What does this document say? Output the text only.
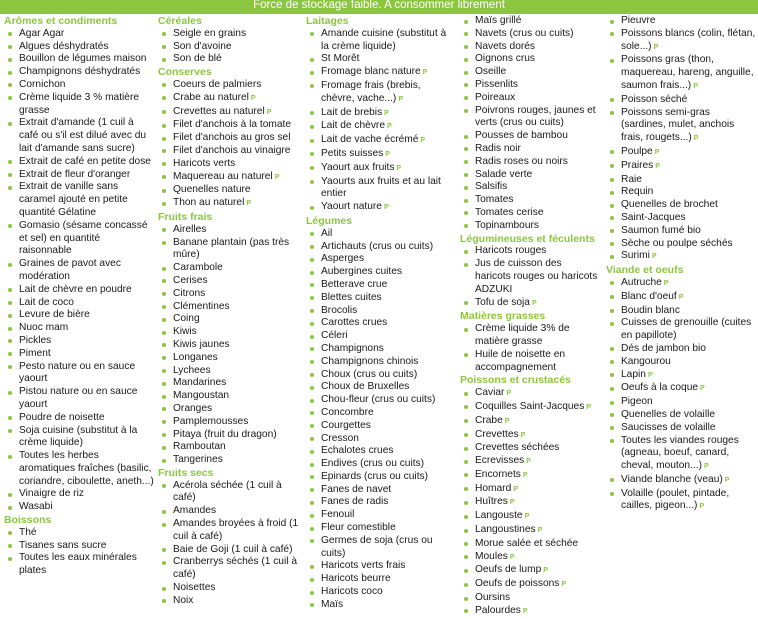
Force de stockage faible. A consommer librement
Arômes et condiments
Agar Agar
Algues déshydratés
Bouillon de légumes maison
Champignons déshydratés
Cornichon
Crème liquide 3 % matière grasse
Extrait d'amande (1 cuil à café ou s'il est dilué avec du lait d'amande sans sucre)
Extrait de café en petite dose
Extrait de fleur d'oranger
Extrait de vanille sans caramel ajouté en petite quantité Gélatine
Gomasio (sésame concassé et sel) en quantité raisonnable
Graines de pavot avec modération
Lait de chèvre en poudre
Lait de coco
Levure de bière
Nuoc mam
Pickles
Piment
Pesto nature ou en sauce yaourt
Pistou nature ou en sauce yaourt
Poudre de noisette
Soja cuisine (substitut à la crème liquide)
Toutes les herbes aromatiques fraîches (basilic, coriandre, ciboulette, aneth...)
Vinaigre de riz
Wasabi
Boissons
Thé
Tisanes sans sucre
Toutes les eaux minérales plates
Céréales
Seigle en grains
Son d'avoine
Son de blé
Conserves
Coeurs de palmiers
Crabe au naturel P
Crevettes au naturel P
Filet d'anchois à la tomate
Filet d'anchois au gros sel
Filet d'anchois au vinaigre
Haricots verts
Maquereau au naturel P
Quenelles nature
Thon au naturel P
Fruits frais
Airelles
Banane plantain (pas très mûre)
Carambole
Cerises
Citrons
Clémentines
Coing
Kiwis
Kiwis jaunes
Longanes
Lychees
Mandarines
Mangoustan
Oranges
Pamplemousses
Pitaya (fruit du dragon)
Ramboutan
Tangerines
Fruits secs
Acérola séchée (1 cuil à café)
Amandes
Amandes broyées à froid (1 cuil à café)
Baie de Goji (1 cuil à café)
Cranberrys séchés (1 cuil à café)
Noisettes
Noix
Laitages
Amande cuisine (substitut à la crème liquide)
St Morêt
Fromage blanc nature P
Fromage frais (brebis, chèvre, vache...) P
Lait de brebis P
Lait de chèvre P
Lait de vache écrémé P
Petits suisses P
Yaourt aux fruits P
Yaourts aux fruits et au lait entier
Yaourt nature P
Légumes
Ail
Artichauts (crus ou cuits)
Asperges
Aubergines cuites
Betterave crue
Blettes cuites
Brocolis
Carottes crues
Céleri
Champignons
Champignons chinois
Choux (crus ou cuits)
Choux de Bruxelles
Chou-fleur (crus ou cuits)
Concombre
Courgettes
Cresson
Echalotes crues
Endives (crus ou cuits)
Epinards (crus ou cuits)
Fanes de navet
Fanes de radis
Fenouil
Fleur comestible
Germes de soja (crus ou cuits)
Haricots verts frais
Haricots beurre
Haricots coco
Maïs
Maïs grillé
Navets (crus ou cuits)
Navets dorés
Oignons crus
Oseille
Pissenlits
Poireaux
Poivrons rouges, jaunes et verts (crus ou cuits)
Pousses de bambou
Radis noir
Radis roses ou noirs
Salade verte
Salsifis
Tomates
Tomates cerise
Topinambours
Légumineuses et féculents
Haricots rouges
Jus de cuisson des haricots rouges ou haricots ADZUKI
Tofu de soja P
Matières grasses
Crème liquide 3% de matière grasse
Huile de noisette en accompagnement
Poissons et crustacés
Caviar P
Coquilles Saint-Jacques P
Crabe P
Crevettes P
Crevettes séchées
Ecrevisses P
Encornets P
Homard P
Huîtres P
Langouste P
Langoustines P
Morue salée et séchée
Moules P
Oeufs de lump P
Oeufs de poissons P
Oursins
Palourdes P
Pieuvre
Poissons blancs (colin, flétan, sole...) P
Poissons gras (thon, maquereau, hareng, anguille, saumon frais...) P
Poisson séché
Poissons semi-gras (sardines, mulet, anchois frais, rougets...) P
Poulpe P
Praires P
Raie
Requin
Quenelles de brochet
Saint-Jacques
Saumon fumé bio
Sèche ou poulpe séchés
Surimi P
Viande et oeufs
Autruche P
Blanc d'oeuf P
Boudin blanc
Cuisses de grenouille (cuites en papillote)
Dés de jambon bio
Kangourou
Lapin P
Oeufs à la coque P
Pigeon
Quenelles de volaille
Saucisses de volaille
Toutes les viandes rouges (agneau, boeuf, canard, cheval, mouton...) P
Viande blanche (veau) P
Volaille (poulet, pintade, cailles, pigeon...) P
